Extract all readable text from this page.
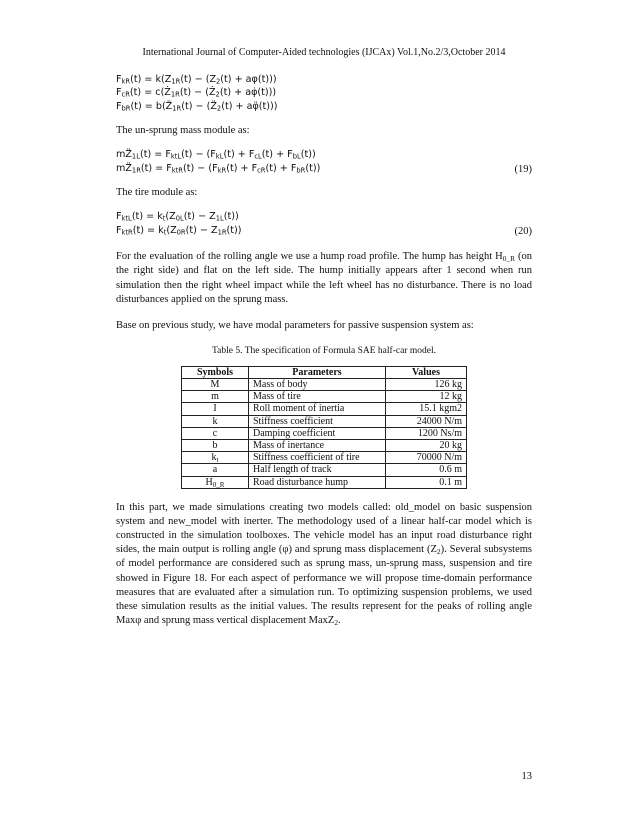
International Journal of Computer-Aided technologies (IJCAx) Vol.1,No.2/3,October 2014
$F_{kR}(t) = k(Z_{1R}(t) - (Z_2(t) + a\varphi(t)))$
$F_{cR}(t)$ = $c(Ż_{1R}(t)$ − ($Ż_2(t)$ + aφ̇(t)))
$F_{bR}(t)$ = $b(Z̈_{1R}(t)$ − ($Z̈_2(t)$ + aφ̈(t)))

The un-sprung mass module as:

$mZ̈_{1L}(t) = F_{ktL}(t) - (F_{kL}(t) + F_{cL}(t) + F_{bL}(t))$
$mZ̈_{1R}(t) = F_{ktR}(t) - (F_{kR}(t) + F_{cR}(t) + F_{bR}(t))$	(19)

The tire module as:

$F_{ktL}(t) = k_t(Z_{0L}(t) - Z_{1L}(t))$
$F_{ktR}(t) = k_t(Z_{0R}(t) - Z_{1R}(t))$	(20)

For the evaluation of the rolling angle we use a hump road profile. The hump has height $H_{0\_R}$ (on the right side) and flat on the left side. The hump initially appears after 1 second when run simulation then the right wheel impact while the left wheel has no disturbance. There is no load disturbances applied on the sprung mass.

Base on previous study, we have modal parameters for passive suspension system as:

Table 5. The specification of Formula SAE half-car model.
Symbols	Parameters	Values
M	Mass of body	126 kg
m	Mass of tire	12 kg
I	Roll moment of inertia	15.1 kgm2
k	Stiffness coefficient	24000 N/m
c	Damping coefficient	1200 Ns/m
b	Mass of inertance	20 kg
$k_t$	Stiffness coefficient of tire	70000 N/m
a	Half length of track	0.6 m
$H_{0\_R}$	Road disturbance hump	0.1 m

In this part, we made simulations creating two models called: old_model on basic suspension system and new_model with inerter. The methodology used of a linear half-car model which is constructed in the simulation toolboxes. The vehicle model has an input road disturbance right sides, the main output is rolling angle (φ) and sprung mass displacement $(Z_2)$. Several subsystems of model performance are considered such as sprung mass, un-sprung mass, suspension and tire showed in Figure 18. For each aspect of performance we will propose time-domain performance measures that are evaluated after a simulation run. To optimizing suspension problems, we used these simulation results as the initial values. The results represent for the peaks of rolling angle Maxφ and sprung mass vertical displacement MaxZ$_2$.

13
